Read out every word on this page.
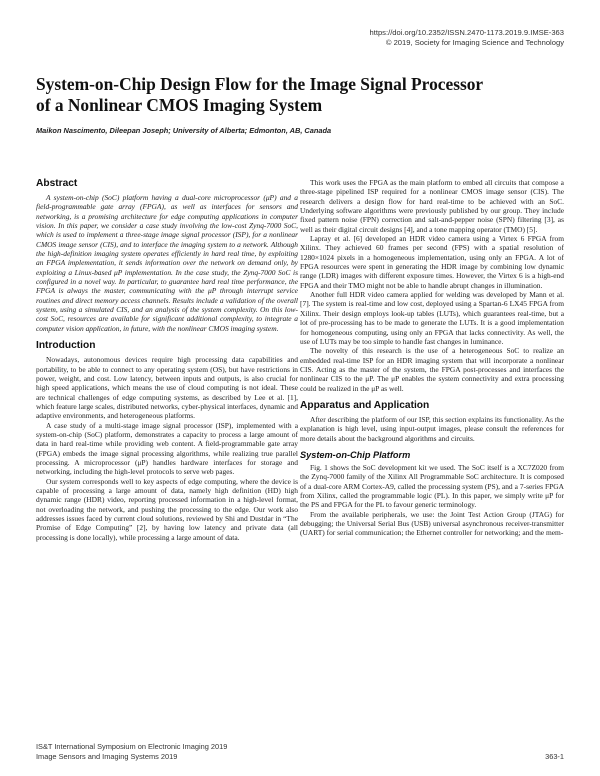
https://doi.org/10.2352/ISSN.2470-1173.2019.9.IMSE-363
© 2019, Society for Imaging Science and Technology
System-on-Chip Design Flow for the Image Signal Processor
of a Nonlinear CMOS Imaging System
Maikon Nascimento, Dileepan Joseph; University of Alberta; Edmonton, AB, Canada
Abstract

A system-on-chip (SoC) platform having a dual-core microprocessor (μP) and a field-programmable gate array (FPGA), as well as interfaces for sensors and networking, is a promising architecture for edge computing applications in computer vision. In this paper, we consider a case study involving the low-cost Zynq-7000 SoC, which is used to implement a three-stage image signal processor (ISP), for a nonlinear CMOS image sensor (CIS), and to interface the imaging system to a network. Although the high-definition imaging system operates efficiently in hard real time, by exploiting an FPGA implementation, it sends information over the network on demand only, by exploiting a Linux-based μP implementation. In the case study, the Zynq-7000 SoC is configured in a novel way. In particular, to guarantee hard real time performance, the FPGA is always the master, communicating with the μP through interrupt service routines and direct memory access channels. Results include a validation of the overall system, using a simulated CIS, and an analysis of the system complexity. On this low-cost SoC, resources are available for significant additional complexity, to integrate a computer vision application, in future, with the nonlinear CMOS imaging system.

Introduction

Nowadays, autonomous devices require high processing data capabilities and portability, to be able to connect to any operating system (OS), but have restrictions in power, weight, and cost. Low latency, between inputs and outputs, is also crucial for high speed applications, which means the use of cloud computing is not ideal. These are technical challenges of edge computing systems, as described by Lee et al. [1], which feature large scales, distributed networks, cyber-physical interfaces, dynamic and adaptive environments, and heterogeneous platforms.

A case study of a multi-stage image signal processor (ISP), implemented with a system-on-chip (SoC) platform, demonstrates a capacity to process a large amount of data in hard real-time while providing web content. A field-programmable gate array (FPGA) embeds the image signal processing algorithms, while realizing true parallel processing. A microprocessor (μP) handles hardware interfaces for storage and networking, including the high-level protocols to serve web pages.

Our system corresponds well to key aspects of edge computing, where the device is capable of processing a large amount of data, namely high definition (HD) high dynamic range (HDR) video, reporting processed information in a high-level format, not overloading the network, and pushing the processing to the edge. Our work also addresses issues faced by current cloud solutions, reviewed by Shi and Dustdar in “The Promise of Edge Computing” [2], by having low latency and private data (all processing is done locally), while processing a large amount of data.

This work uses the FPGA as the main platform to embed all circuits that compose a three-stage pipelined ISP required for a nonlinear CMOS image sensor (CIS). The research delivers a design flow for hard real-time to be achieved with an SoC. Underlying software algorithms were previously published by our group. They include fixed pattern noise (FPN) correction and salt-and-pepper noise (SPN) filtering [3], as well as their digital circuit designs [4], and a tone mapping operator (TMO) [5].

Lapray et al. [6] developed an HDR video camera using a Virtex 6 FPGA from Xilinx. They achieved 60 frames per second (FPS) with a spatial resolution of 1280×1024 pixels in a homogeneous implementation, using only an FPGA. A lot of FPGA resources were spent in generating the HDR image by combining low dynamic range (LDR) images with different exposure times. However, the Virtex 6 is a high-end FPGA and their TMO might not be able to handle abrupt changes in illumination.

Another full HDR video camera applied for welding was developed by Mann et al. [7]. The system is real-time and low cost, deployed using a Spartan-6 LX45 FPGA from Xilinx. Their design employs look-up tables (LUTs), which guarantees real-time, but a lot of pre-processing has to be made to generate the LUTs. It is a good implementation for homogeneous computing, using only an FPGA that lacks connectivity. As well, the use of LUTs may be too simple to handle fast changes in luminance.

The novelty of this research is the use of a heterogeneous SoC to realize an embedded real-time ISP for an HDR imaging system that will incorporate a nonlinear CIS. Acting as the master of the system, the FPGA post-processes and interfaces the nonlinear CIS to the μP. The μP enables the system connectivity and extra processing could be realized in the μP as well.

Apparatus and Application

After describing the platform of our ISP, this section explains its functionality. As the explanation is high level, using input-output images, please consult the references for more details about the background algorithms and circuits.

System-on-Chip Platform

Fig. 1 shows the SoC development kit we used. The SoC itself is a XC7Z020 from the Zynq-7000 family of the Xilinx All Programmable SoC architecture. It is composed of a dual-core ARM Cortex-A9, called the processing system (PS), and a 7-series FPGA from Xilinx, called the programmable logic (PL). In this paper, we simply write μP for the PS and FPGA for the PL to favour generic terminology.

From the available peripherals, we use: the Joint Test Action Group (JTAG) for debugging; the Universal Serial Bus (USB) universal asynchronous receiver-transmitter (UART) for serial communication; the Ethernet controller for networking; and the mem-

IS&T International Symposium on Electronic Imaging 2019
Image Sensors and Imaging Systems 2019	363-1
